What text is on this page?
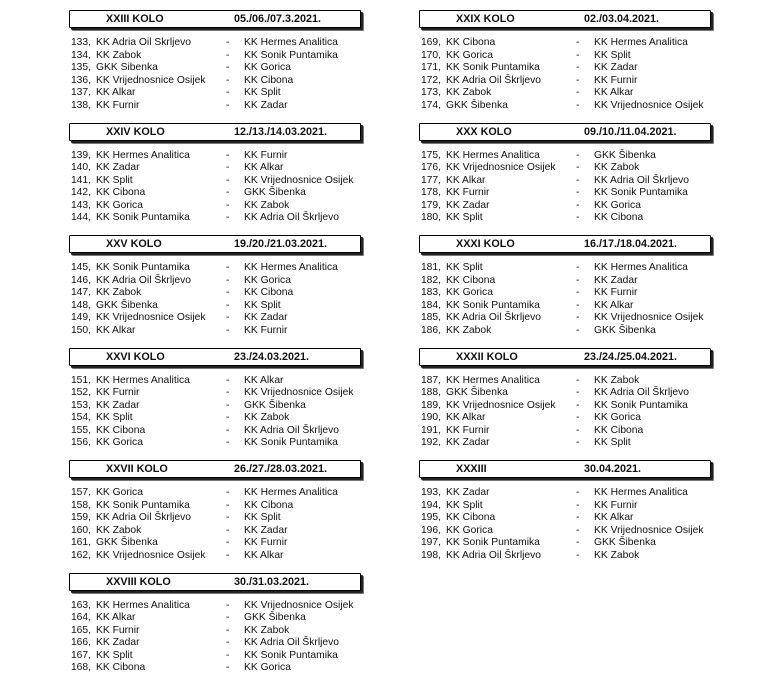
XXIII KOLO	05./06./07.3.2021.
133, KK Adria Oil Skrljevo	- KK Hermes Analitica
134, KK Zabok	- KK Sonik Puntamika
135, GKK Sibenka	- KK Gorica
136, KK Vrijednosnice Osijek - KK Cibona
137, KK Alkar	- KK Split
138, KK Furnir	- KK Zadar
XXIV KOLO	12./13./14.03.2021.
139, KK Hermes Analitica	- KK Furnir
140, KK Zadar	- KK Alkar
141, KK Split	- KK Vrijednosnice Osijek
142, KK Cibona	- GKK Šibenka
143, KK Gorica	- KK Zabok
144, KK Sonik Puntamika	- KK Adria Oil Škrljevo
XXV KOLO	19./20./21.03.2021.
145, KK Sonik Puntamika	- KK Hermes Analitica
146, KK Adria Oil Škrljevo	- KK Gorica
147, KK Zabok	- KK Cibona
148, GKK Šibenka	- KK Split
149, KK Vrijednosnice Osijek - KK Zadar
150, KK Alkar	- KK Furnir
XXVI KOLO	23./24.03.2021.
151, KK Hermes Analitica	- KK Alkar
152, KK Furnir	- KK Vrijednosnice Osijek
153, KK Zadar	- GKK Šibenka
154, KK Split	- KK Zabok
155, KK Cibona	- KK Adria Oil Škrljevo
156, KK Gorica	- KK Sonik Puntamika
XXVII KOLO	26./27./28.03.2021.
157, KK Gorica	- KK Hermes Analitica
158, KK Sonik Puntamika	- KK Cibona
159, KK Adria Oil Škrljevo	- KK Split
160, KK Zabok	- KK Zadar
161, GKK Šibenka	- KK Furnir
162, KK Vrijednosnice Osijek - KK Alkar
XXVIII KOLO	30./31.03.2021.
163, KK Hermes Analitica	- KK Vrijednosnice Osijek
164, KK Alkar	- GKK Šibenka
165, KK Furnir	- KK Zabok
166, KK Zadar	- KK Adria Oil Škrljevo
167, KK Split	- KK Sonik Puntamika
168, KK Cibona	- KK Gorica
XXIX KOLO	02./03.04.2021.
169, KK Cibona	- KK Hermes Analitica
170, KK Gorica	- KK Split
171, KK Sonik Puntamika	- KK Zadar
172, KK Adria Oil Škrljevo	- KK Furnir
173, KK Zabok	- KK Alkar
174, GKK Šibenka	- KK Vrijednosnice Osijek
XXX KOLO	09./10./11.04.2021.
175, KK Hermes Analitica	- GKK Šibenka
176, KK Vrijednosnice Osijek - KK Zabok
177, KK Alkar	- KK Adria Oil Škrljevo
178, KK Furnir	- KK Sonik Puntamika
179, KK Zadar	- KK Gorica
180, KK Split	- KK Cibona
XXXI KOLO	16./17./18.04.2021.
181, KK Split	- KK Hermes Analitica
182, KK Cibona	- KK Zadar
183, KK Gorica	- KK Furnir
184, KK Sonik Puntamika	- KK Alkar
185, KK Adria Oil Škrljevo	- KK Vrijednosnice Osijek
186, KK Zabok	- GKK Šibenka
XXXII KOLO	23./24./25.04.2021.
187, KK Hermes Analitica	- KK Zabok
188, GKK Šibenka	- KK Adria Oil Škrljevo
189, KK Vrijednosnice Osijek - KK Sonik Puntamika
190, KK Alkar	- KK Gorica
191, KK Furnir	- KK Cibona
192, KK Zadar	- KK Split
XXXIII	30.04.2021.
193, KK Zadar	- KK Hermes Analitica
194, KK Split	- KK Furnir
195, KK Cibona	- KK Alkar
196, KK Gorica	- KK Vrijednosnice Osijek
197, KK Sonik Puntamika	- GKK Šibenka
198, KK Adria Oil Škrljevo	- KK Zabok
